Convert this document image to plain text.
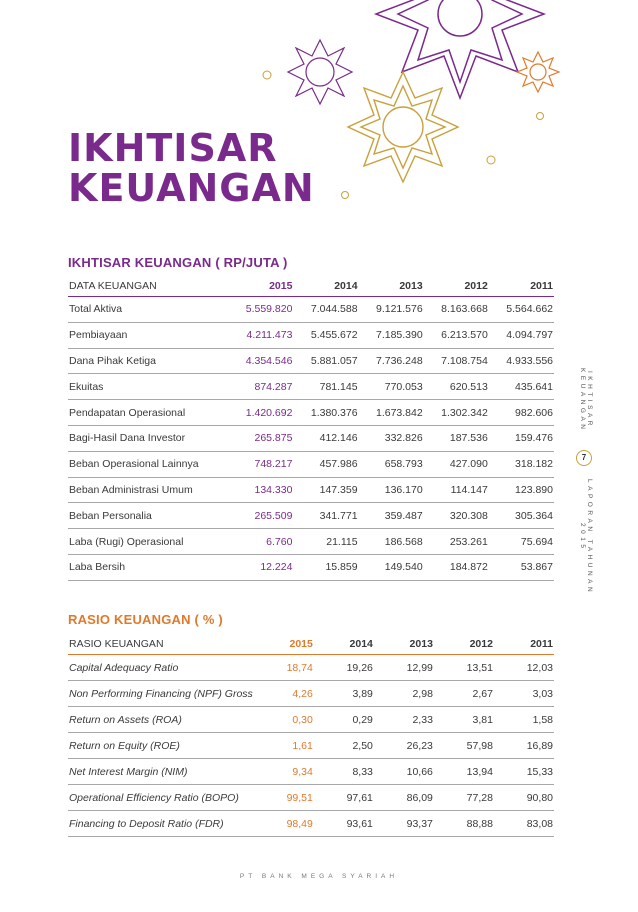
IKHTISAR
KEUANGAN
IKHTISAR KEUANGAN ( RP/JUTA )
DATA KEUANGAN	2015	2014	2013	2012	2011
Total Aktiva	5.559.820	7.044.588	9.121.576	8.163.668	5.564.662
Pembiayaan	4.211.473	5.455.672	7.185.390	6.213.570	4.094.797
Dana Pihak Ketiga	4.354.546	5.881.057	7.736.248	7.108.754	4.933.556
Ekuitas	874.287	781.145	770.053	620.513	435.641
Pendapatan Operasional	1.420.692	1.380.376	1.673.842	1.302.342	982.606
Bagi-Hasil Dana Investor	265.875	412.146	332.826	187.536	159.476
Beban Operasional Lainnya	748.217	457.986	658.793	427.090	318.182
Beban Administrasi Umum	134.330	147.359	136.170	114.147	123.890
Beban Personalia	265.509	341.771	359.487	320.308	305.364
Laba (Rugi) Operasional	6.760	21.115	186.568	253.261	75.694
Laba Bersih	12.224	15.859	149.540	184.872	53.867
RASIO KEUANGAN ( % )
RASIO KEUANGAN	2015	2014	2013	2012	2011
Capital Adequacy Ratio	18,74	19,26	12,99	13,51	12,03
Non Performing Financing (NPF) Gross	4,26	3,89	2,98	2,67	3,03
Return on Assets (ROA)	0,30	0,29	2,33	3,81	1,58
Return on Equity (ROE)	1,61	2,50	26,23	57,98	16,89
Net Interest Margin (NIM)	9,34	8,33	10,66	13,94	15,33
Operational Efficiency Ratio (BOPO)	99,51	97,61	86,09	77,28	90,80
Financing to Deposit Ratio (FDR)	98,49	93,61	93,37	88,88	83,08
IKHTISAR KEUANGAN
7
LAPORAN TAHUNAN 2015
PT BANK MEGA SYARIAH
